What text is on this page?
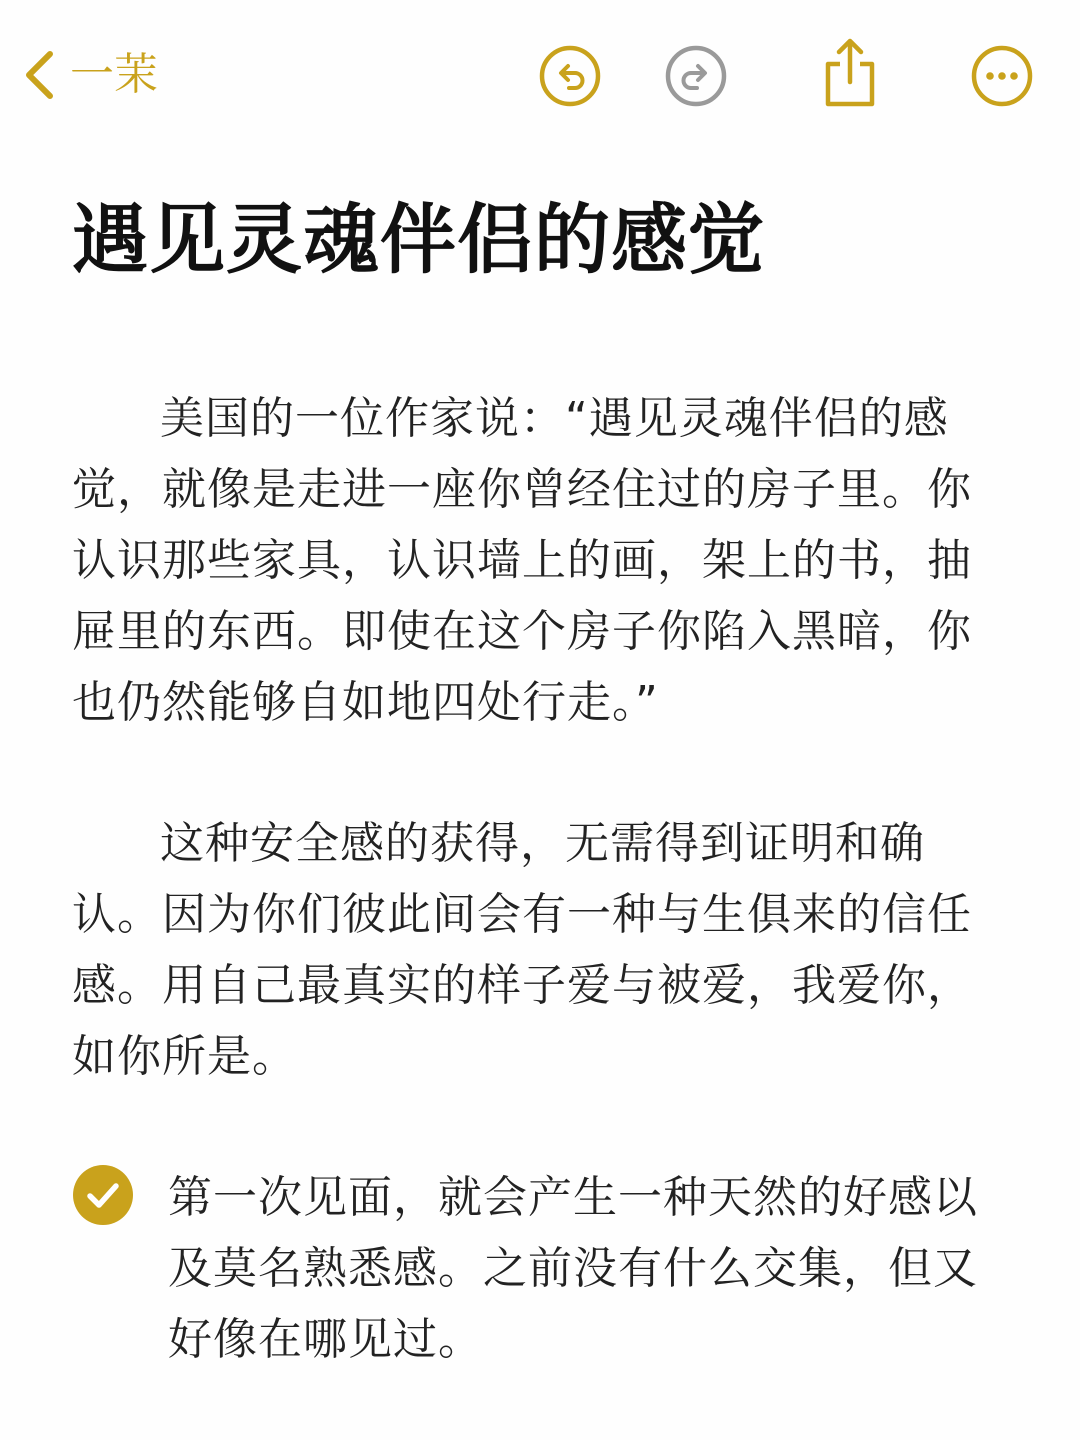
一茉
遇见灵魂伴侣的感觉

美国的一位作家说：“遇见灵魂伴侣的感觉，就像是走进一座你曾经住过的房子里。你认识那些家具，认识墙上的画，架上的书，抽屉里的东西。即使在这个房子你陷入黑暗，你也仍然能够自如地四处行走。”

这种安全感的获得，无需得到证明和确认。因为你们彼此间会有一种与生俱来的信任感。用自己最真实的样子爱与被爱，我爱你，如你所是。

第一次见面，就会产生一种天然的好感以及莫名熟悉感。之前没有什么交集，但又好像在哪见过。
